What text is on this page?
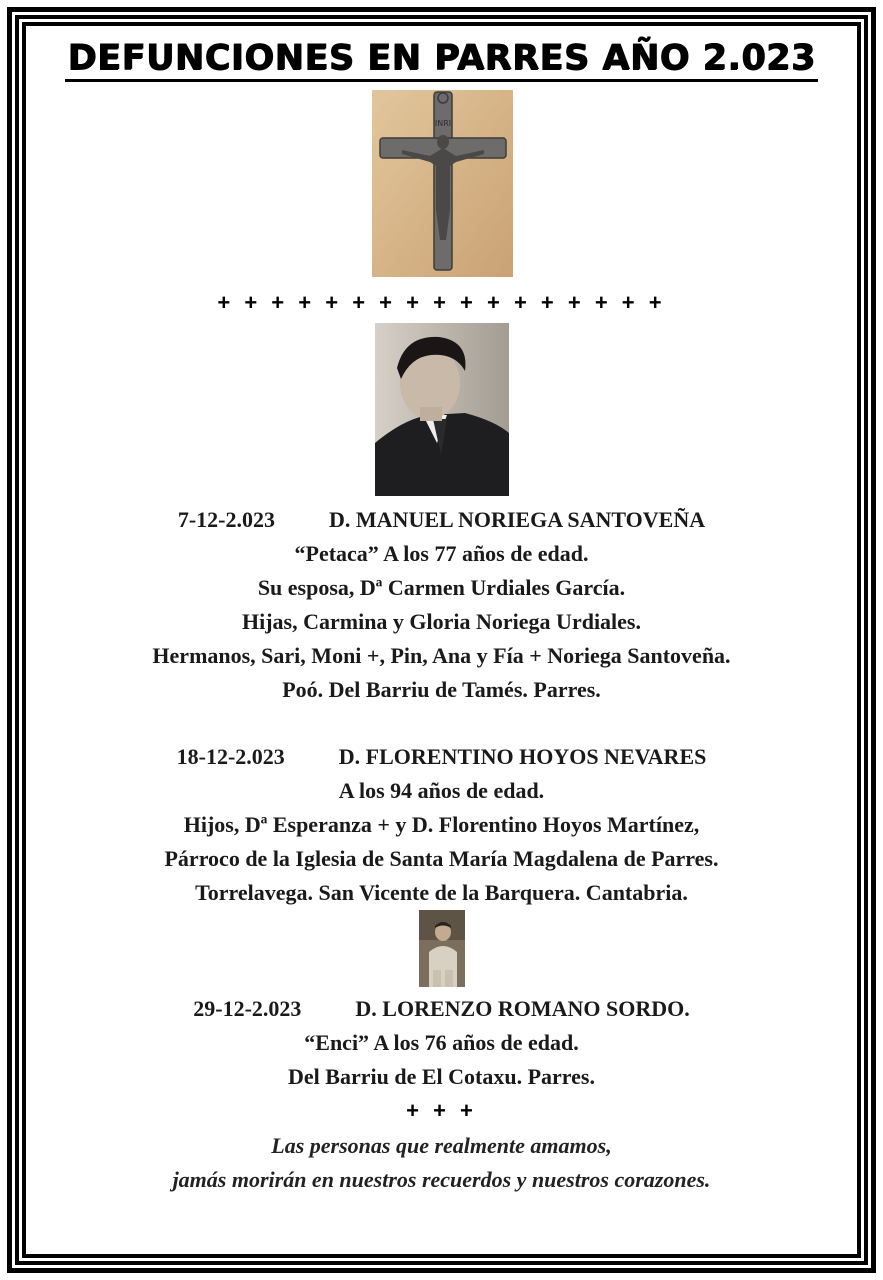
DEFUNCIONES EN PARRES AÑO 2.023
INRI
+ + + + + + + + + + + + + + + + +
7-12-2.023 D. MANUEL NORIEGA SANTOVEÑA
“Petaca” A los 77 años de edad.
Su esposa, Dª Carmen Urdiales García.
Hijas, Carmina y Gloria Noriega Urdiales.
Hermanos, Sari, Moni +, Pin, Ana y Fía + Noriega Santoveña.
Poó. Del Barriu de Tamés. Parres.
18-12-2.023 D. FLORENTINO HOYOS NEVARES
A los 94 años de edad.
Hijos, Dª Esperanza + y D. Florentino Hoyos Martínez,
Párroco de la Iglesia de Santa María Magdalena de Parres.
Torrelavega. San Vicente de la Barquera. Cantabria.
29-12-2.023 D. LORENZO ROMANO SORDO.
“Enci” A los 76 años de edad.
Del Barriu de El Cotaxu. Parres.
+ + +
Las personas que realmente amamos,
jamás morirán en nuestros recuerdos y nuestros corazones.
